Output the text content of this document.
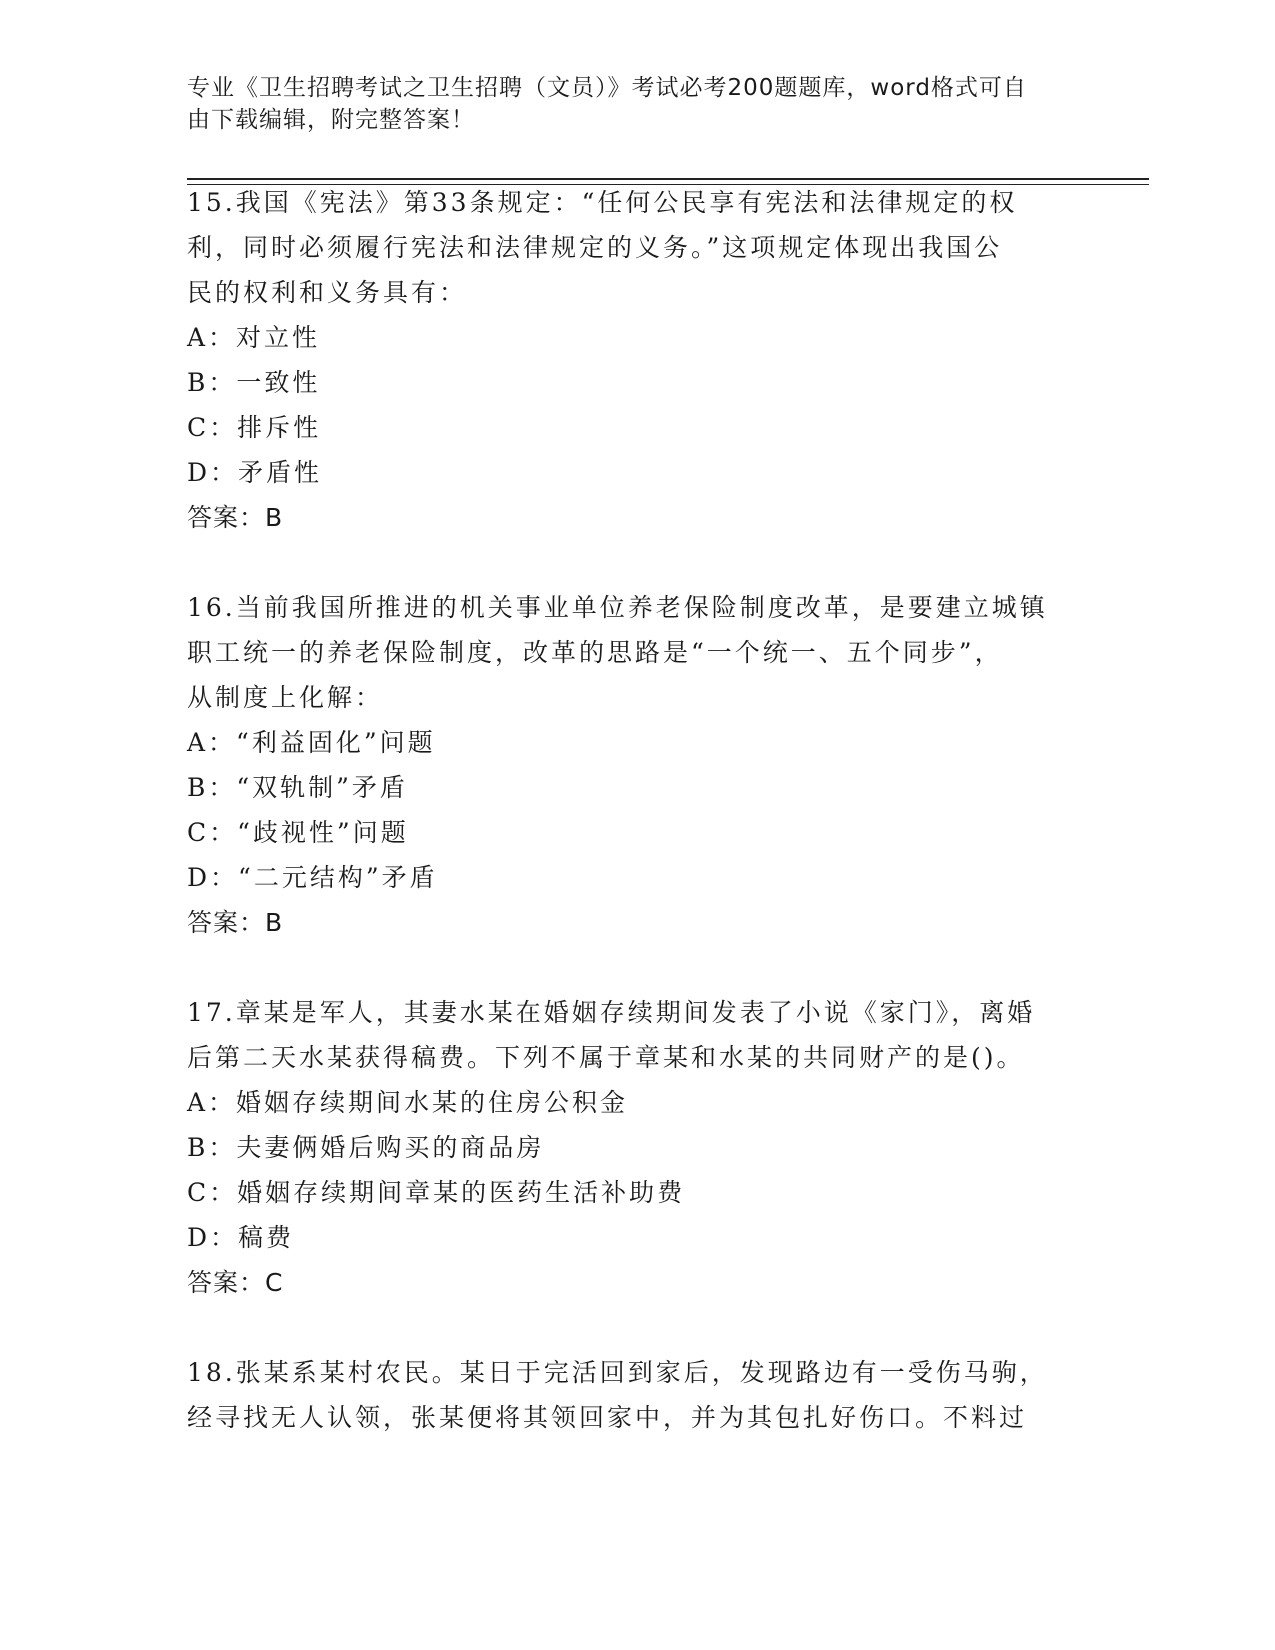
专业《卫生招聘考试之卫生招聘（文员）》考试必考200题题库，word格式可自
由下载编辑，附完整答案！
15.我国《宪法》第33条规定：“任何公民享有宪法和法律规定的权
利，同时必须履行宪法和法律规定的义务。”这项规定体现出我国公
民的权利和义务具有：
A：对立性
B：一致性
C：排斥性
D：矛盾性
答案：B
16.当前我国所推进的机关事业单位养老保险制度改革，是要建立城镇
职工统一的养老保险制度，改革的思路是“一个统一、五个同步”，
从制度上化解：
A：“利益固化”问题
B：“双轨制”矛盾
C：“歧视性”问题
D：“二元结构”矛盾
答案：B
17.章某是军人，其妻水某在婚姻存续期间发表了小说《家门》，离婚
后第二天水某获得稿费。下列不属于章某和水某的共同财产的是()。
A：婚姻存续期间水某的住房公积金
B：夫妻俩婚后购买的商品房
C：婚姻存续期间章某的医药生活补助费
D：稿费
答案：C
18.张某系某村农民。某日于完活回到家后，发现路边有一受伤马驹，
经寻找无人认领，张某便将其领回家中，并为其包扎好伤口。不料过
